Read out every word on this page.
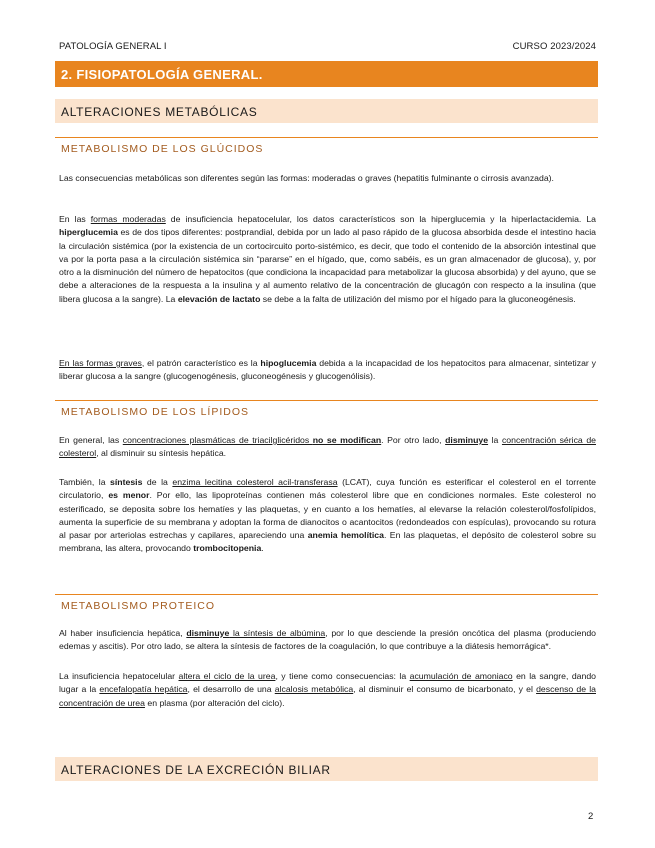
PATOLOGÍA GENERAL I	CURSO 2023/2024
2. FISIOPATOLOGÍA GENERAL.
ALTERACIONES METABÓLICAS
METABOLISMO DE LOS GLÚCIDOS

Las consecuencias metabólicas son diferentes según las formas: moderadas o graves (hepatitis fulminante o cirrosis avanzada).

En las formas moderadas de insuficiencia hepatocelular, los datos característicos son la hiperglucemia y la hiperlactacidemia. La hiperglucemia es de dos tipos diferentes: postprandial, debida por un lado al paso rápido de la glucosa absorbida desde el intestino hacia la circulación sistémica (por la existencia de un cortocircuito porto-sistémico, es decir, que todo el contenido de la absorción intestinal que va por la porta pasa a la circulación sistémica sin “pararse” en el hígado, que, como sabéis, es un gran almacenador de glucosa), y, por otro a la disminución del número de hepatocitos (que condiciona la incapacidad para metabolizar la glucosa absorbida) y del ayuno, que se debe a alteraciones de la respuesta a la insulina y al aumento relativo de la concentración de glucagón con respecto a la insulina (que libera glucosa a la sangre). La elevación de lactato se debe a la falta de utilización del mismo por el hígado para la gluconeogénesis.

En las formas graves, el patrón característico es la hipoglucemia debida a la incapacidad de los hepatocitos para almacenar, sintetizar y liberar glucosa a la sangre (glucogenogénesis, gluconeogénesis y glucogenólisis).

METABOLISMO DE LOS LÍPIDOS

En general, las concentraciones plasmáticas de triacilglicéridos no se modifican. Por otro lado, disminuye la concentración sérica de colesterol, al disminuir su síntesis hepática.

También, la síntesis de la enzima lecitina colesterol acil-transferasa (LCAT), cuya función es esterificar el colesterol en el torrente circulatorio, es menor. Por ello, las lipoproteínas contienen más colesterol libre que en condiciones normales. Este colesterol no esterificado, se deposita sobre los hematíes y las plaquetas, y en cuanto a los hematíes, al elevarse la relación colesterol/fosfolípidos, aumenta la superficie de su membrana y adoptan la forma de dianocitos o acantocitos (redondeados con espículas), provocando su rotura al pasar por arteriolas estrechas y capilares, apareciendo una anemia hemolítica. En las plaquetas, el depósito de colesterol sobre su membrana, las altera, provocando trombocitopenia.

METABOLISMO PROTEICO

Al haber insuficiencia hepática, disminuye la síntesis de albúmina, por lo que desciende la presión oncótica del plasma (produciendo edemas y ascitis). Por otro lado, se altera la síntesis de factores de la coagulación, lo que contribuye a la diátesis hemorrágica*.

La insuficiencia hepatocelular altera el ciclo de la urea, y tiene como consecuencias: la acumulación de amoniaco en la sangre, dando lugar a la encefalopatía hepática, el desarrollo de una alcalosis metabólica, al disminuir el consumo de bicarbonato, y el descenso de la concentración de urea en plasma (por alteración del ciclo).

ALTERACIONES DE LA EXCRECIÓN BILIAR
2
